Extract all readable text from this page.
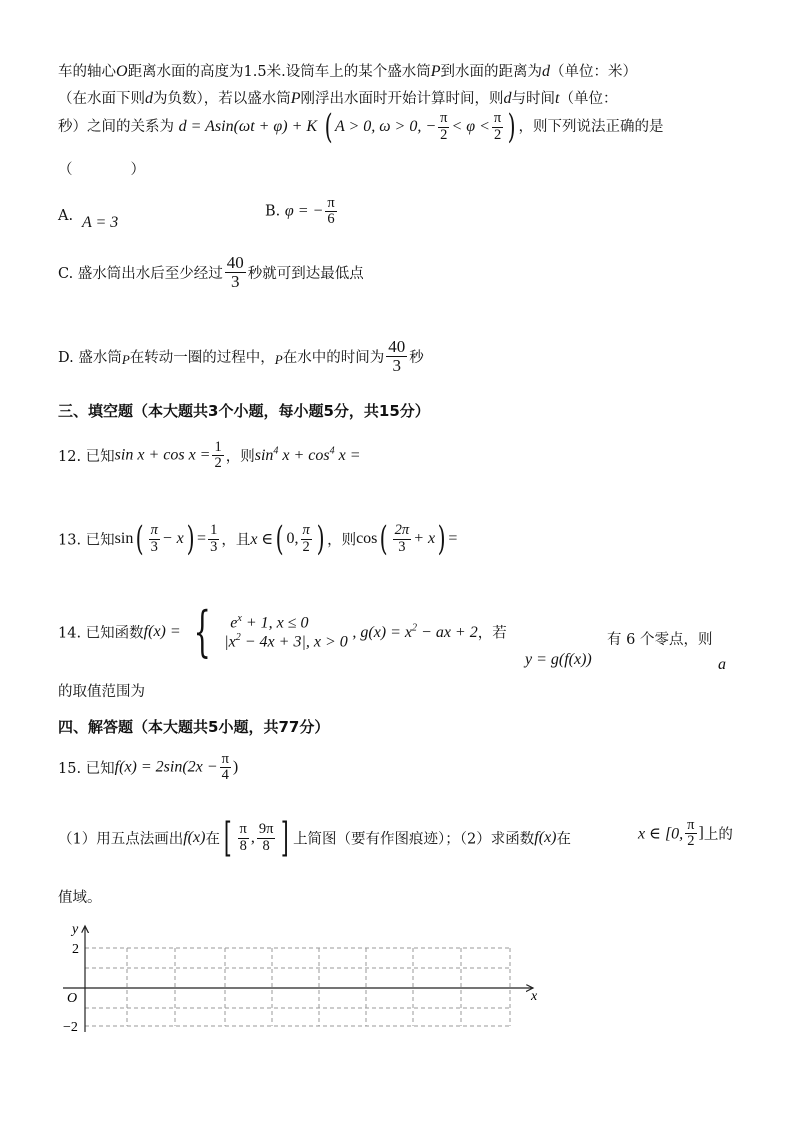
车的轴心O距离水面的高度为1.5米.设筒车上的某个盛水筒P到水面的距离为d（单位：米）
（在水面下则d为负数），若以盛水筒P刚浮出水面时开始计算时间，则d与时间t（单位：
秒）之间的关系为 d = Asin(ωt + φ) + K ( A > 0, ω > 0, − $\frac{\pi}{2} < \varphi < \frac{\pi}{2}$ ) ，则下列说法正确的是
（　　　　）
A. A = 3
B. φ = − $\frac{\pi}{6}$
C. 盛水筒出水后至少经过 $\frac{40}{3}$ 秒就可到达最低点
D. 盛水筒$_P$在转动一圈的过程中，$_P$在水中的时间为 $\frac{40}{3}$ 秒
三、填空题（本大题共3个小题，每小题5分，共15分）
12. 已知$\sin x + \cos x = \frac{1}{2}$ ，则$\sin^4 x + \cos^4 x$ =
13. 已知$\sin( \frac{\pi}{3} - x) = \frac{1}{3}$ ，且x ∈( 0, $\frac{\pi}{2}$ ) ，则$\cos( \frac{2\pi}{3} + x)$ =
14. 已知函数f(x) = {	$e^x + 1$, x ≤ 0
$|x^2 - 4x + 3|$, x > 0
, $g(x) = x^2$ − ax + 2，若
y = g(f(x))
有 6 个零点，则
a
的取值范围为
四、解答题（本大题共5小题，共77分）
15. 已知$f(x) = 2\sin(2x - \frac{\pi}{4}$ )
（1）用五点法画出f(x)在[ $\frac{\pi}{8}$ , $\frac{9\pi}{8}$ ] 上简图（要有作图痕迹）；（2）求函数f(x)在	x ∈ [0, $\frac{\pi}{2}$ ]上的
值域。
y
x
O
2
−2
